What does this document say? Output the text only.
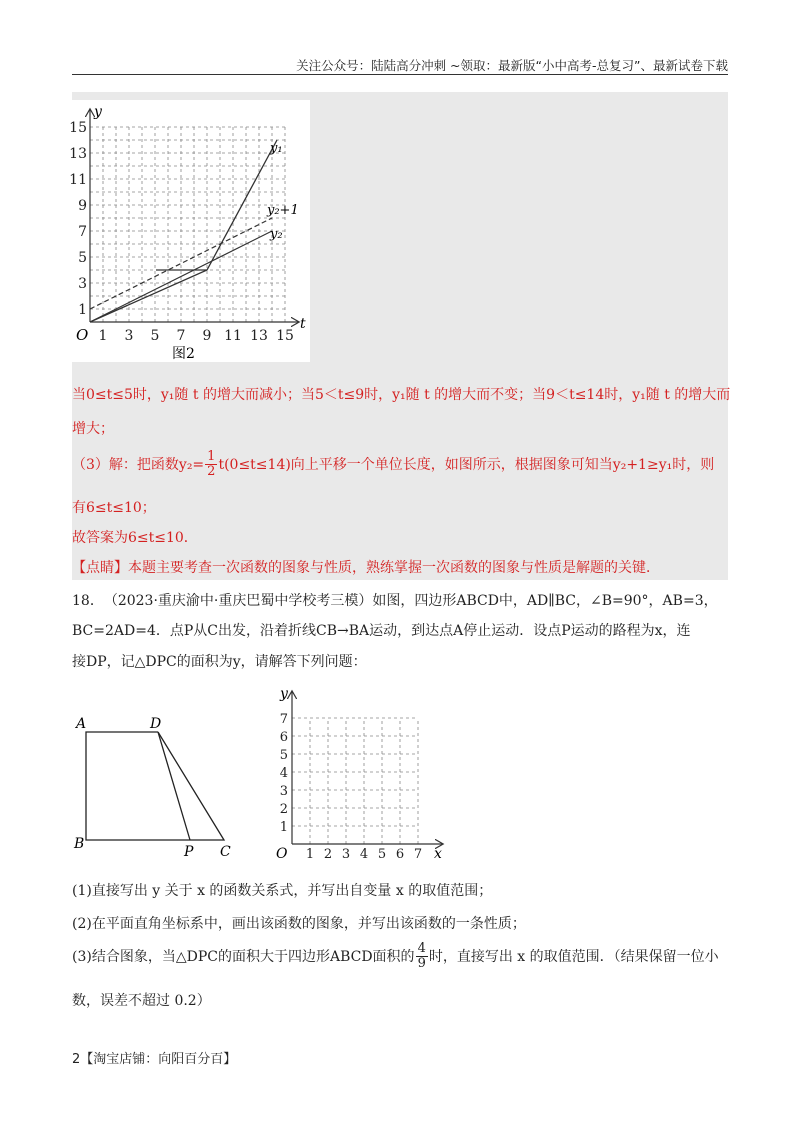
关注公众号：陆陆高分冲刺 ~领取：最新版“小中高考-总复习”、最新试卷下载
1
3
5
7
9
11
13
15
1 3 5 7 9 11 13 15
y
t
O
y₁
y₂+1
y₂
图2
当0≤t≤5时，y₁随 t 的增大而减小；当5＜t≤9时，y₁随 t 的增大而不变；当9＜t≤14时，y₁随 t 的增大而
增大；
（3）解：把函数$y_2= \frac{1}{2} t(0\le t\le 14)$向上平移一个单位长度，如图所示，根据图象可知当y₂+1≥y₁时，则
有6≤t≤10；
故答案为6≤t≤10．
【点睛】本题主要考查一次函数的图象与性质，熟练掌握一次函数的图象与性质是解题的关键．
18．　（2023·重庆渝中·重庆巴蜀中学校考三模）如图，四边形ABCD中，AD∥BC，∠B=90°，AB=3，
BC=2AD=4．点P从C出发，沿着折线CB→BA运动，到达点A停止运动．设点P运动的路程为x，连
接DP，记△DPC的面积为y，请解答下列问题：
A	D
B	P C
1
2
3
4
5
6
7
1 2 3 4 5 6 7
y
x
O
(1)直接写出 y 关于 x 的函数关系式，并写出自变量 x 的取值范围；
(2)在平面直角坐标系中，画出该函数的图象，并写出该函数的一条性质；
(3)结合图象，当△DPC的面积大于四边形ABCD面积的 $\frac{4}{9}$ 时，直接写出 x 的取值范围．（结果保留一位小
数，误差不超过 0.2）
2【淘宝店铺：向阳百分百】
